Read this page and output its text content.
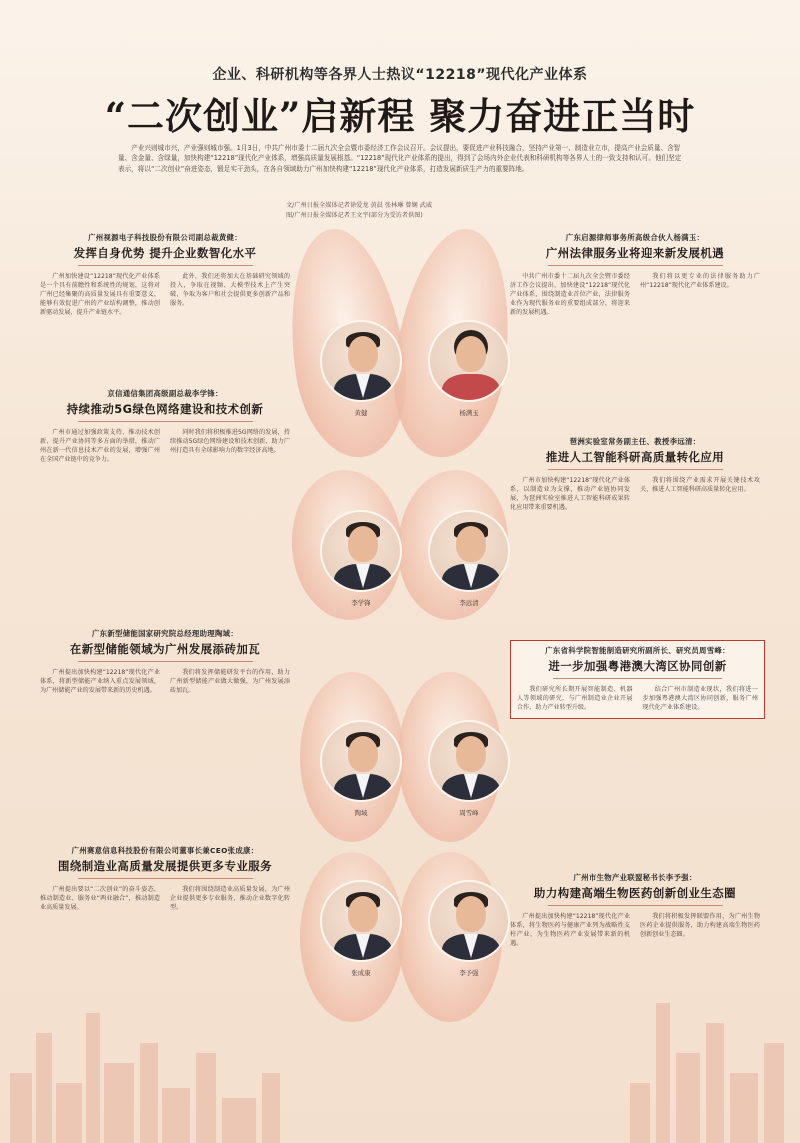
企业、科研机构等各界人士热议“12218”现代化产业体系
“二次创业”启新程 聚力奋进正当时
产业兴则城市兴，产业强则城市强。1月3日，中共广州市委十二届九次全会暨市委经济工作会议召开。会议提出，要促进产业科技融合，坚持产业第一、制造业立市，提高产业会质量、含智量、含金量、含绿量，加快构建“12218”现代化产业体系，增强高质量发展根基。“12218”现代化产业体系的提出，得到了会场内外企业代表和科研机构等各界人士的一致支持和认可。他们坚定表示，将以“二次创业”奋进姿态，锻足实干劲头，在各自领域助力广州加快构建“12218”现代化产业体系，打造发展新质生产力的重要阵地。
文/广州日报全媒体记者徐爱龙 黄晨 张林琳 曾娴 武威
图/广州日报全媒体记者王文宇(部分为受访者供图)
黄健	杨满玉
李学锋	李远清
陶域	周雪峰
张成康	李予强
广州视源电子科技股份有限公司副总裁黄健：
发挥自身优势 提升企业数智化水平
广州加快建设“12218”现代化产业体系是一个具有前瞻性和系统性的规划，这将对广州已经集聚的高质量发展具有重要意义，能够有效促进广州的产业结构调整，推动创新驱动发展，提升产业链水平。
此外，我们还将加大在基础研究领域的投入，争取在视频、大模型技术上产生突破，争取为客户和社会提供更多创新产品和服务。
京信通信集团高级副总裁李学锋：
持续推动5G绿色网络建设和技术创新
广州市通过加强政策支持、推动技术创新、提升产业协同等多方面的举措，推动广州在新一代信息技术产业的发展，增强广州在全国产业链中的竞争力。
同时我们将积极推进5G网络的发展，持续推动5G绿色网络建设和技术创新，助力广州打造具有全球影响力的数字经济高地。
广东新型储能国家研究院总经理助理陶域：
在新型储能领域为广州发展添砖加瓦
广州提出加快构建“12218”现代化产业体系，将新型储能产业纳入重点发展领域，为广州储能产业的发展带来新的历史机遇。
我们将发挥储能研发平台的作用，助力广州新型储能产业做大做强，为广州发展添砖加瓦。
广州赛意信息科技股份有限公司董事长兼CEO张成康：
围绕制造业高质量发展提供更多专业服务
广州提出要以“二次创业”的奋斗姿态，推动制造业、服务业“两业融合”，推动制造业高质量发展。
我们将围绕制造业高质量发展，为广州企业提供更多专业服务，推动企业数字化转型。
广东启源律师事务所高级合伙人杨满玉：
广州法律服务业将迎来新发展机遇
中共广州市委十二届九次全会暨市委经济工作会议提出，加快建设“12218”现代化产业体系，围绕制造业首位产业，法律服务业作为现代服务业的重要组成部分，将迎来新的发展机遇。
我们将以更专业的法律服务助力广州“12218”现代化产业体系建设。
琶洲实验室常务副主任、教授李远清：
推进人工智能科研高质量转化应用
广州市加快构建“12218”现代化产业体系，以制造业为支撑，推动产业链协同发展，为琶洲实验室推进人工智能科研成果转化应用带来重要机遇。
我们将围绕产业需求开展关键技术攻关，推进人工智能科研高质量转化应用。
广东省科学院智能制造研究所副所长、研究员周雪峰：
进一步加强粤港澳大湾区协同创新
我们研究所长期开展智能制造、机器人等领域的研究，与广州制造业企业开展合作，助力产业转型升级。
结合广州市制造业现状，我们将进一步加强粤港澳大湾区协同创新，服务广州现代化产业体系建设。
广州市生物产业联盟秘书长李予强：
助力构建高端生物医药创新创业生态圈
广州提出加快构建“12218”现代化产业体系，将生物医药与健康产业列为战略性支柱产业，为生物医药产业发展带来新的机遇。
我们将积极发挥联盟作用，为广州生物医药企业提供服务，助力构建高端生物医药创新创业生态圈。
